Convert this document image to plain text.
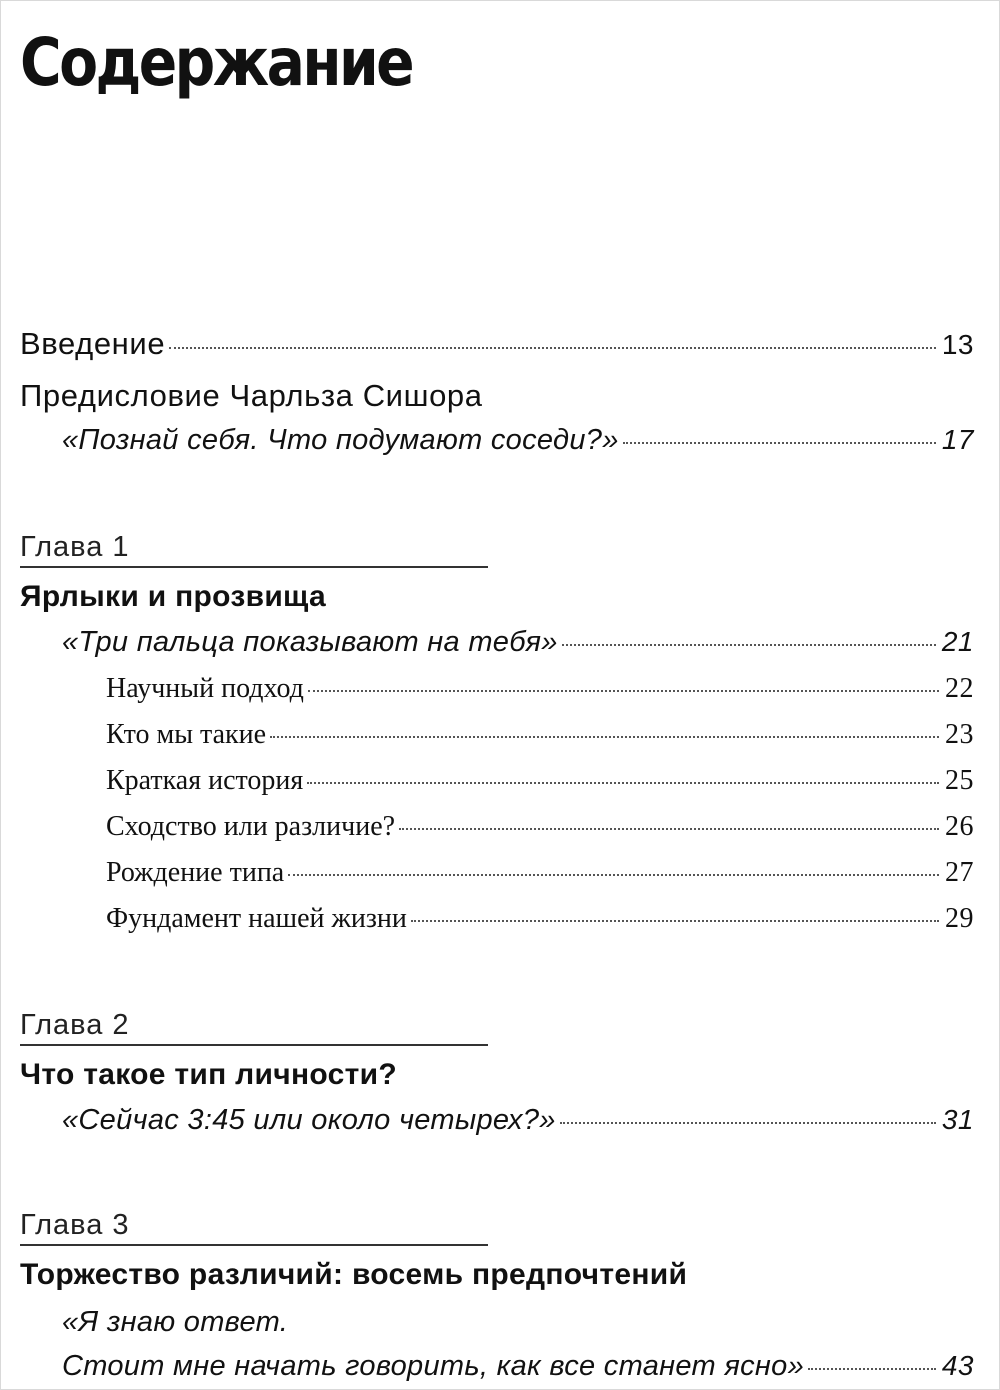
Содержание
Введение	13
Предисловие Чарльза Сишора
«Познай себя. Что подумают соседи?»	17
Глава 1
Ярлыки и прозвища
«Три пальца показывают на тебя»	21
Научный подход	22
Кто мы такие	23
Краткая история	25
Сходство или различие?	26
Рождение типа	27
Фундамент нашей жизни	29
Глава 2
Что такое тип личности?
«Сейчас 3:45 или около четырех?»	31
Глава 3
Торжество различий: восемь предпочтений
«Я знаю ответ.
Стоит мне начать говорить, как все станет ясно»	43
